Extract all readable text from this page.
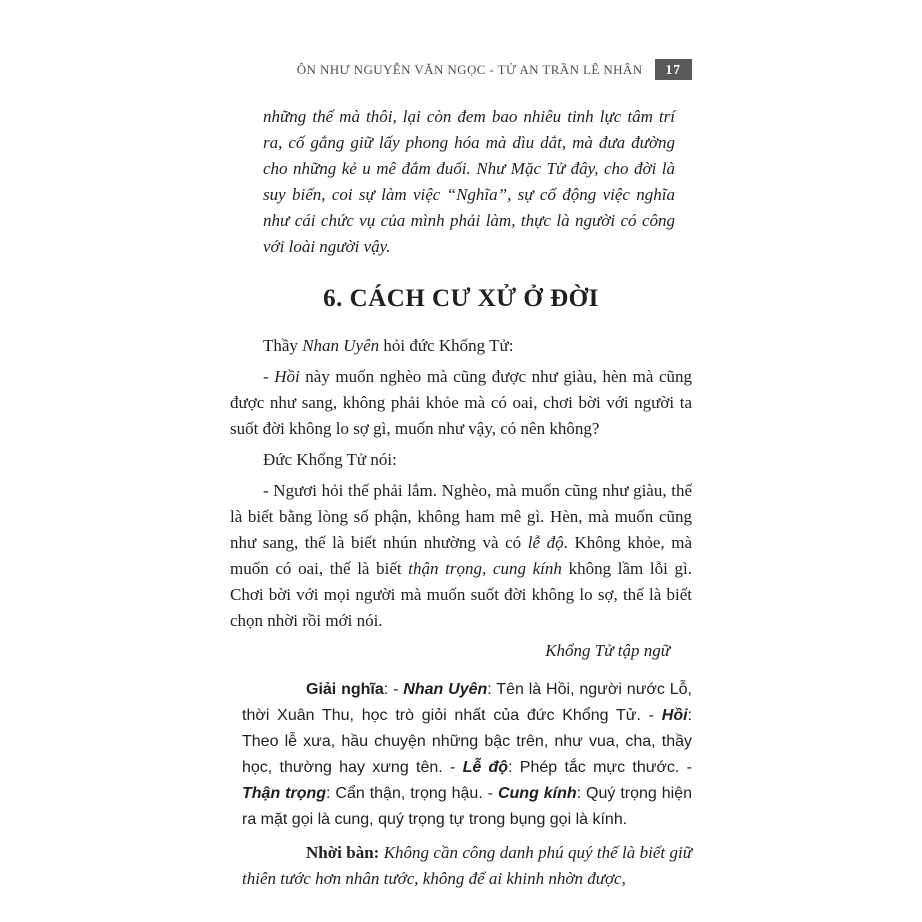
ÔN NHƯ NGUYỄN VĂN NGỌC - TỬ AN TRẦN LÊ NHÂN	17

những thế mà thôi, lại còn đem bao nhiêu tinh lực tâm trí ra, cố gắng giữ lấy phong hóa mà dìu dắt, mà đưa đường cho những kẻ u mê đắm đuối. Như Mặc Tử đây, cho đời là suy biến, coi sự làm việc “Nghĩa”, sự cổ động việc nghĩa như cái chức vụ của mình phải làm, thực là người có công với loài người vậy.

6. CÁCH CƯ XỬ Ở ĐỜI

Thầy Nhan Uyên hỏi đức Khổng Tử:

- Hồi này muốn nghèo mà cũng được như giàu, hèn mà cũng được như sang, không phải khỏe mà có oai, chơi bời với người ta suốt đời không lo sợ gì, muốn như vậy, có nên không?

Đức Khổng Tử nói:

- Ngươi hỏi thế phải lắm. Nghèo, mà muốn cũng như giàu, thế là biết bằng lòng số phận, không ham mê gì. Hèn, mà muốn cũng như sang, thế là biết nhún nhường và có lễ độ. Không khỏe, mà muốn có oai, thế là biết thận trọng, cung kính không lầm lỗi gì. Chơi bời với mọi người mà muốn suốt đời không lo sợ, thế là biết chọn nhời rồi mới nói.

Khổng Tử tập ngữ

Giải nghĩa: - Nhan Uyên: Tên là Hồi, người nước Lỗ, thời Xuân Thu, học trò giỏi nhất của đức Khổng Tử. - Hồi: Theo lễ xưa, hầu chuyện những bậc trên, như vua, cha, thầy học, thường hay xưng tên. - Lễ độ: Phép tắc mực thước. - Thận trọng: Cẩn thận, trọng hậu. - Cung kính: Quý trọng hiện ra mặt gọi là cung, quý trọng tự trong bụng gọi là kính.

Nhời bàn: Không cần công danh phú quý thế là biết giữ thiên tước hơn nhân tước, không để ai khinh nhờn được,
